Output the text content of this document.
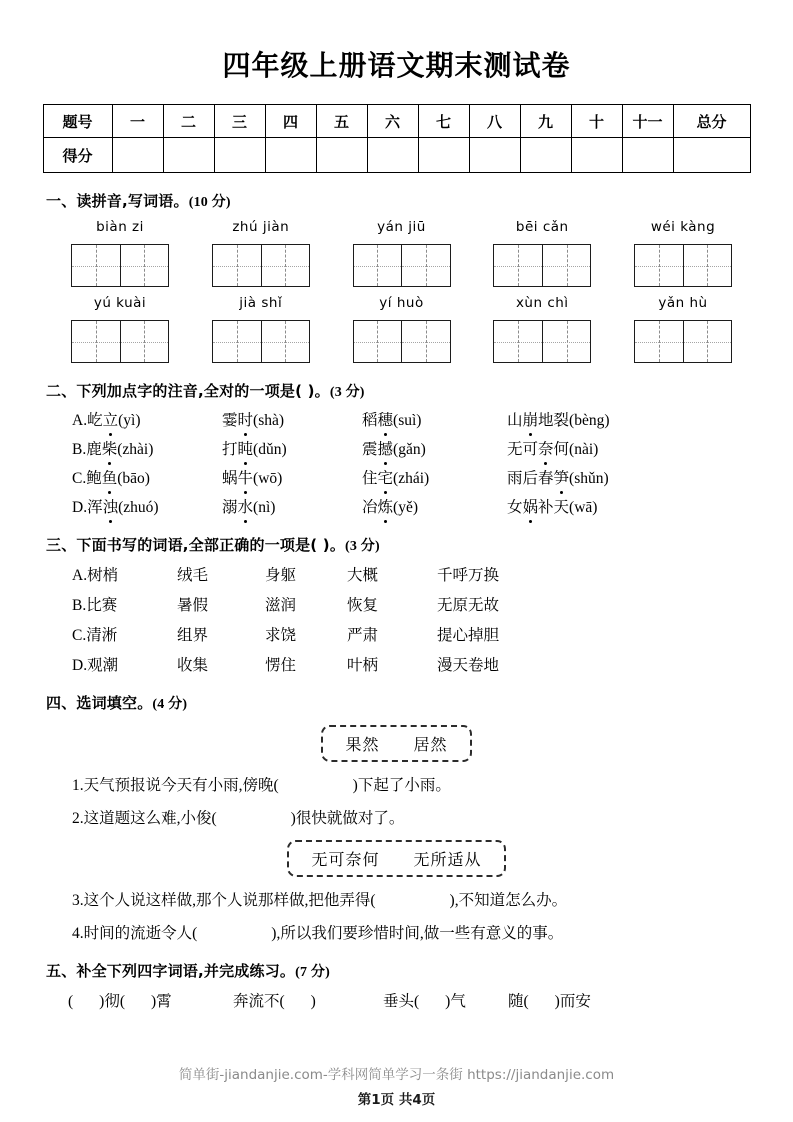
四年级上册语文期末测试卷
题号	一	二	三	四	五	六	七	八	九	十	十一	总分
得分												
一、读拼音,写词语。(10 分)
biàn zi	zhú jiàn	yán jiū	bēi cǎn	wéi kàng
yú kuài	jià shǐ	yí huò	xùn chì	yǎn hù
二、下列加点字的注音,全对的一项是( )。(3 分)
A.屹立(yì)	霎时(shà)	稻穗(suì)	山崩地裂(bèng)
B.鹿柴(zhài)	打盹(dǔn)	震撼(gǎn)	无可奈何(nài)
C.鲍鱼(bāo)	蜗牛(wō)	住宅(zhái)	雨后春笋(shǔn)
D.浑浊(zhuó)	溺水(nì)	冶炼(yě)	女娲补天(wā)
三、下面书写的词语,全部正确的一项是( )。(3 分)
A.树梢	绒毛	身躯	大概	千呼万换
B.比赛	暑假	滋润	恢复	无原无故
C.清淅	组界	求饶	严肃	提心掉胆
D.观潮	收集	愣住	叶柄	漫天卷地
四、选词填空。(4 分)
果然 居然
1.天气预报说今天有小雨,傍晚(	)下起了小雨。
2.这道题这么难,小俊(	)很快就做对了。
无可奈何 无所适从
3.这个人说这样做,那个人说那样做,把他弄得(	),不知道怎么办。
4.时间的流逝令人(	),所以我们要珍惜时间,做一些有意义的事。
五、补全下列四字词语,并完成练习。(7 分)
( )彻( )霄	奔流不( )	垂头( )气	随( )而安
简单街-jiandanjie.com-学科网简单学习一条街 https://jiandanjie.com
第1页 共4页
